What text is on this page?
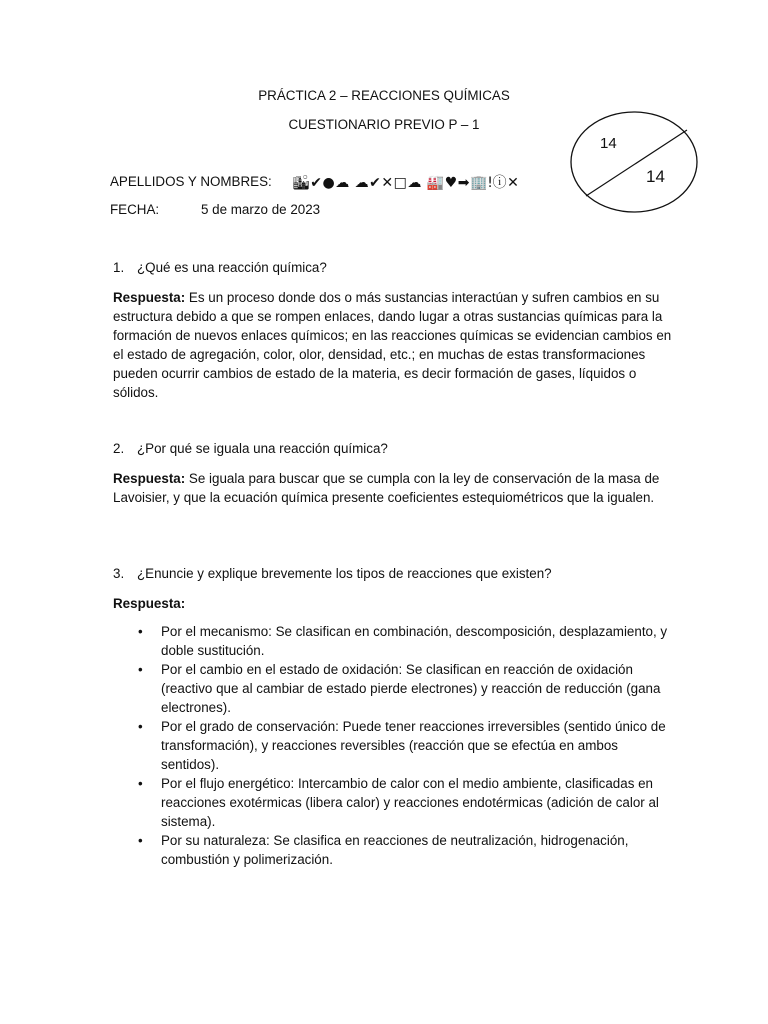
PRÁCTICA 2 – REACCIONES QUÍMICAS
CUESTIONARIO PREVIO P – 1
14
14
APELLIDOS Y NOMBRES: 🏙✔●☁ ☁✔✕□☁ 🏭♥➡🏢ǃⓘ✕
FECHA:	5 de marzo de 2023
1. ¿Qué es una reacción química?
Respuesta: Es un proceso donde dos o más sustancias interactúan y sufren cambios en su estructura debido a que se rompen enlaces, dando lugar a otras sustancias químicas para la formación de nuevos enlaces químicos; en las reacciones químicas se evidencian cambios en el estado de agregación, color, olor, densidad, etc.; en muchas de estas transformaciones pueden ocurrir cambios de estado de la materia, es decir formación de gases, líquidos o sólidos.
2. ¿Por qué se iguala una reacción química?
Respuesta: Se iguala para buscar que se cumpla con la ley de conservación de la masa de Lavoisier, y que la ecuación química presente coeficientes estequiométricos que la igualen.
3. ¿Enuncie y explique brevemente los tipos de reacciones que existen?
Respuesta:
• Por el mecanismo: Se clasifican en combinación, descomposición, desplazamiento, y doble sustitución.
• Por el cambio en el estado de oxidación: Se clasifican en reacción de oxidación (reactivo que al cambiar de estado pierde electrones) y reacción de reducción (gana electrones).
• Por el grado de conservación: Puede tener reacciones irreversibles (sentido único de transformación), y reacciones reversibles (reacción que se efectúa en ambos sentidos).
• Por el flujo energético: Intercambio de calor con el medio ambiente, clasificadas en reacciones exotérmicas (libera calor) y reacciones endotérmicas (adición de calor al sistema).
• Por su naturaleza: Se clasifica en reacciones de neutralización, hidrogenación, combustión y polimerización.
